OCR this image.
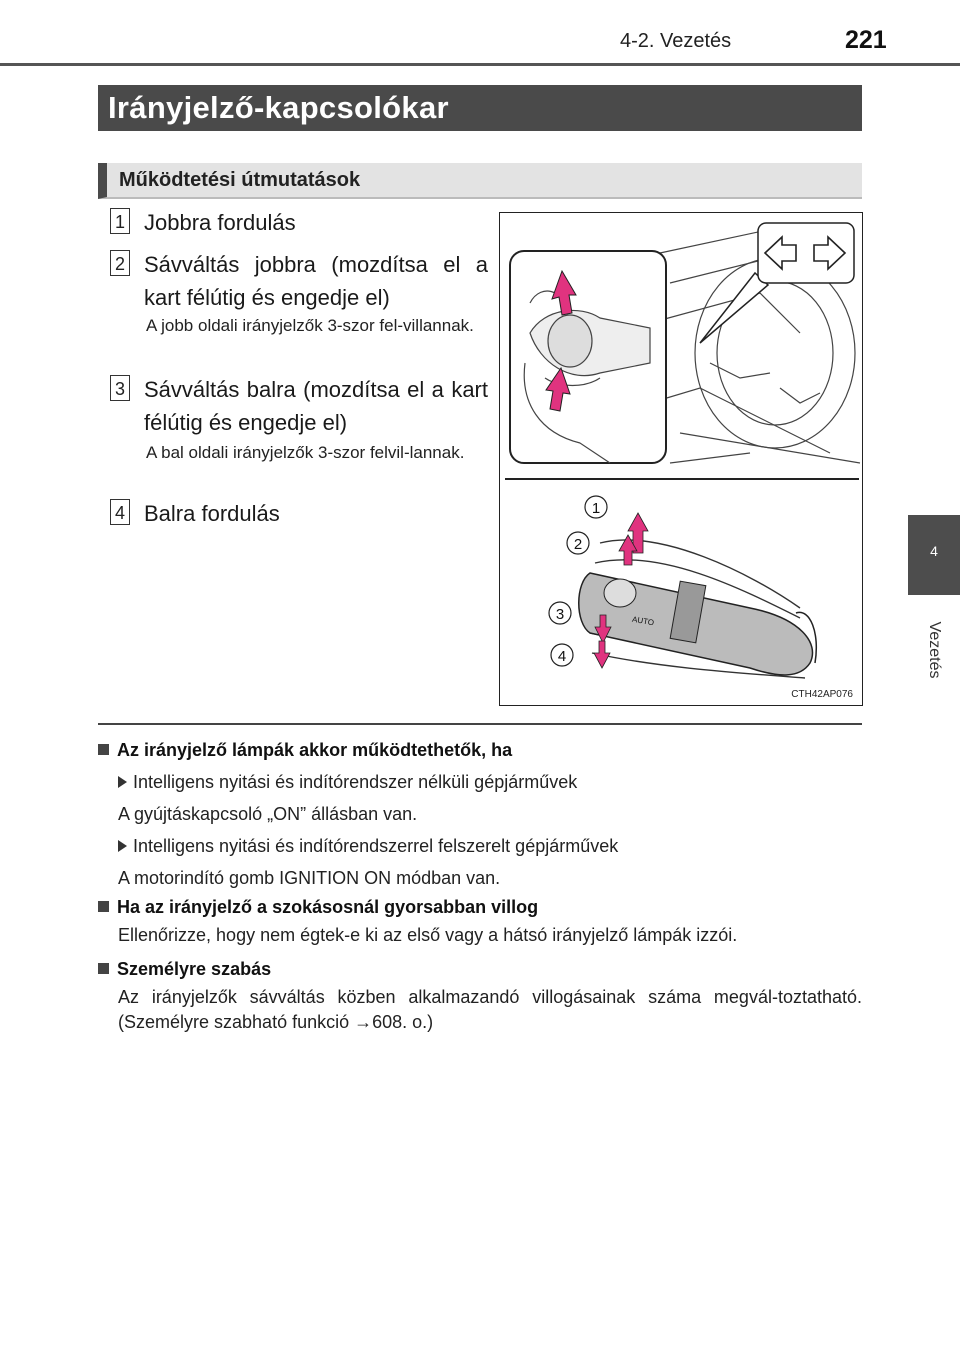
4-2. Vezetés	221
4
Vezetés
Irányjelző-kapcsolókar
Működtetési útmutatások
1 Jobbra fordulás
2 Sávváltás jobbra (mozdítsa el a kart félútig és engedje el)
A jobb oldali irányjelzők 3-szor fel-villannak.
3 Sávváltás balra (mozdítsa el a kart félútig és engedje el)
A bal oldali irányjelzők 3-szor felvil-lannak.
4 Balra fordulás
AUTO
1
2
3
4
CTH42AP076
Az irányjelző lámpák akkor működtethetők, ha
Intelligens nyitási és indítórendszer nélküli gépjárművek
A gyújtáskapcsoló „ON” állásban van.
Intelligens nyitási és indítórendszerrel felszerelt gépjárművek
A motorindító gomb IGNITION ON módban van.
Ha az irányjelző a szokásosnál gyorsabban villog
Ellenőrizze, hogy nem égtek-e ki az első vagy a hátsó irányjelző lámpák izzói.
Személyre szabás
Az irányjelzők sávváltás közben alkalmazandó villogásainak száma megvál-toztatható. (Személyre szabható funkció →608. o.)
